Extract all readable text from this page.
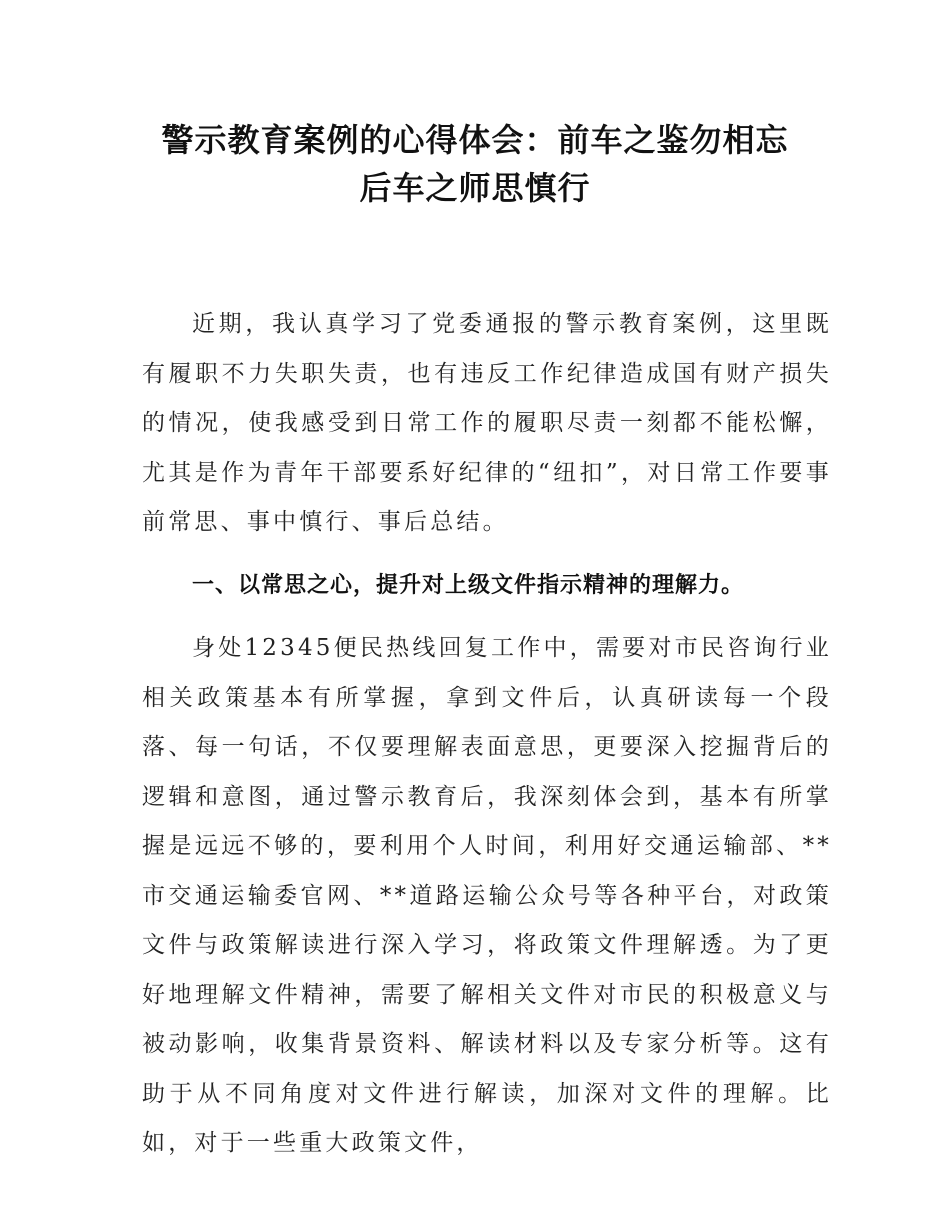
警示教育案例的心得体会：前车之鉴勿相忘
后车之师思慎行

近期，我认真学习了党委通报的警示教育案例，这里既有履职不力失职失责，也有违反工作纪律造成国有财产损失的情况，使我感受到日常工作的履职尽责一刻都不能松懈，尤其是作为青年干部要系好纪律的“纽扣”，对日常工作要事前常思、事中慎行、事后总结。

一、以常思之心，提升对上级文件指示精神的理解力。

身处12345便民热线回复工作中，需要对市民咨询行业相关政策基本有所掌握，拿到文件后，认真研读每一个段落、每一句话，不仅要理解表面意思，更要深入挖掘背后的逻辑和意图，通过警示教育后，我深刻体会到，基本有所掌握是远远不够的，要利用个人时间，利用好交通运输部、**市交通运输委官网、**道路运输公众号等各种平台，对政策文件与政策解读进行深入学习，将政策文件理解透。为了更好地理解文件精神，需要了解相关文件对市民的积极意义与被动影响，收集背景资料、解读材料以及专家分析等。这有助于从不同角度对文件进行解读，加深对文件的理解。比如，对于一些重大政策文件，
